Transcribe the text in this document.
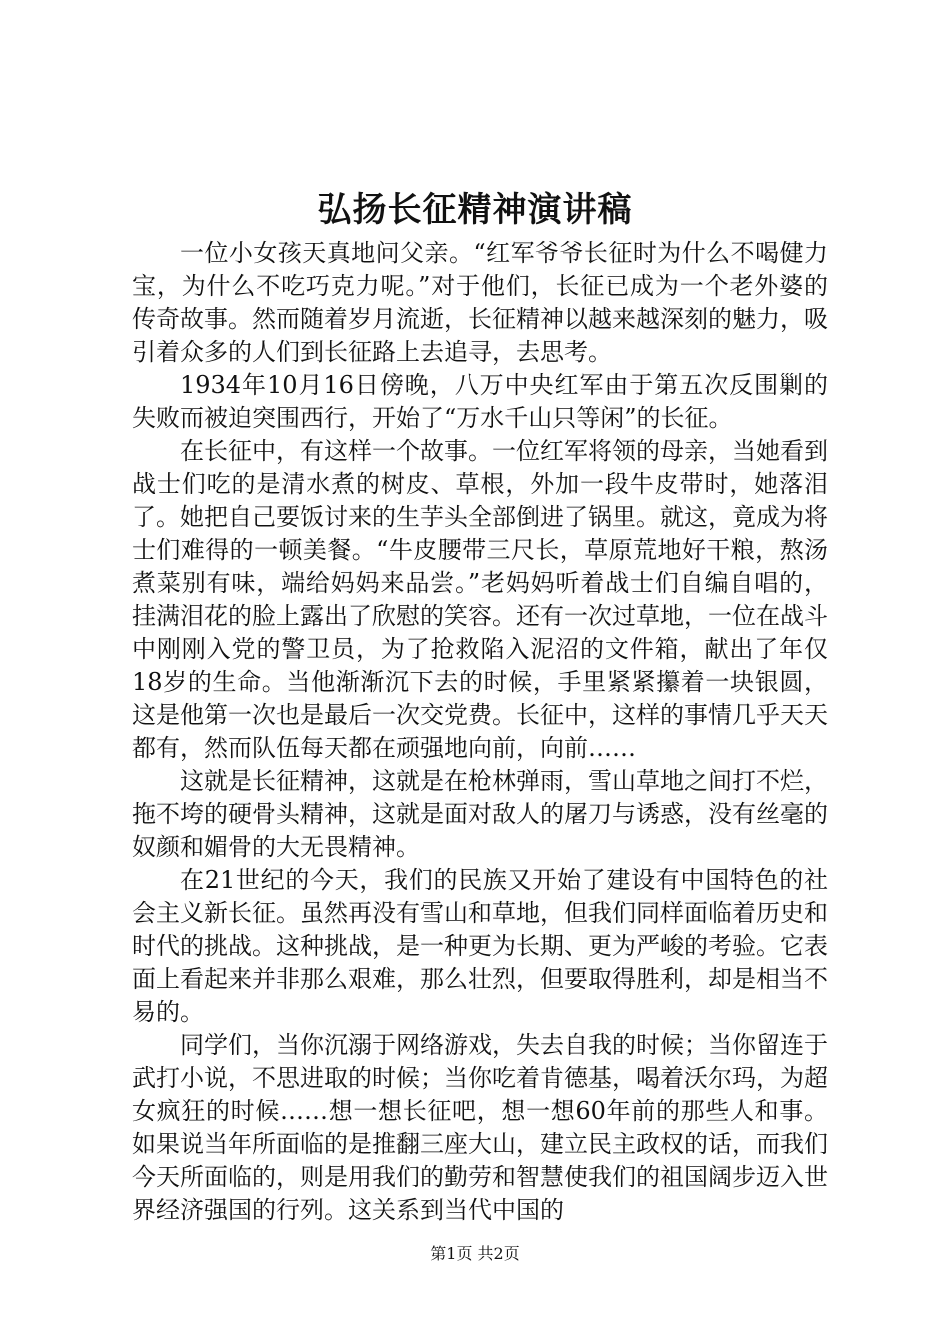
弘扬长征精神演讲稿

一位小女孩天真地问父亲。“红军爷爷长征时为什么不喝健力宝，为什么不吃巧克力呢。”对于他们，长征已成为一个老外婆的传奇故事。然而随着岁月流逝，长征精神以越来越深刻的魅力，吸引着众多的人们到长征路上去追寻，去思考。

1934年10月16日傍晚，八万中央红军由于第五次反围剿的失败而被迫突围西行，开始了“万水千山只等闲”的长征。

在长征中，有这样一个故事。一位红军将领的母亲，当她看到战士们吃的是清水煮的树皮、草根，外加一段牛皮带时，她落泪了。她把自己要饭讨来的生芋头全部倒进了锅里。就这，竟成为将士们难得的一顿美餐。“牛皮腰带三尺长，草原荒地好干粮，熬汤煮菜别有味，端给妈妈来品尝。”老妈妈听着战士们自编自唱的，挂满泪花的脸上露出了欣慰的笑容。还有一次过草地，一位在战斗中刚刚入党的警卫员，为了抢救陷入泥沼的文件箱，献出了年仅18岁的生命。当他渐渐沉下去的时候，手里紧紧攥着一块银圆，这是他第一次也是最后一次交党费。长征中，这样的事情几乎天天都有，然而队伍每天都在顽强地向前，向前……

这就是长征精神，这就是在枪林弹雨，雪山草地之间打不烂，拖不垮的硬骨头精神，这就是面对敌人的屠刀与诱惑，没有丝毫的奴颜和媚骨的大无畏精神。

在21世纪的今天，我们的民族又开始了建设有中国特色的社会主义新长征。虽然再没有雪山和草地，但我们同样面临着历史和时代的挑战。这种挑战，是一种更为长期、更为严峻的考验。它表面上看起来并非那么艰难，那么壮烈，但要取得胜利，却是相当不易的。

同学们，当你沉溺于网络游戏，失去自我的时候；当你留连于武打小说，不思进取的时候；当你吃着肯德基，喝着沃尔玛，为超女疯狂的时候……想一想长征吧，想一想60年前的那些人和事。如果说当年所面临的是推翻三座大山，建立民主政权的话，而我们今天所面临的，则是用我们的勤劳和智慧使我们的祖国阔步迈入世界经济强国的行列。这关系到当代中国的

第1页 共2页
